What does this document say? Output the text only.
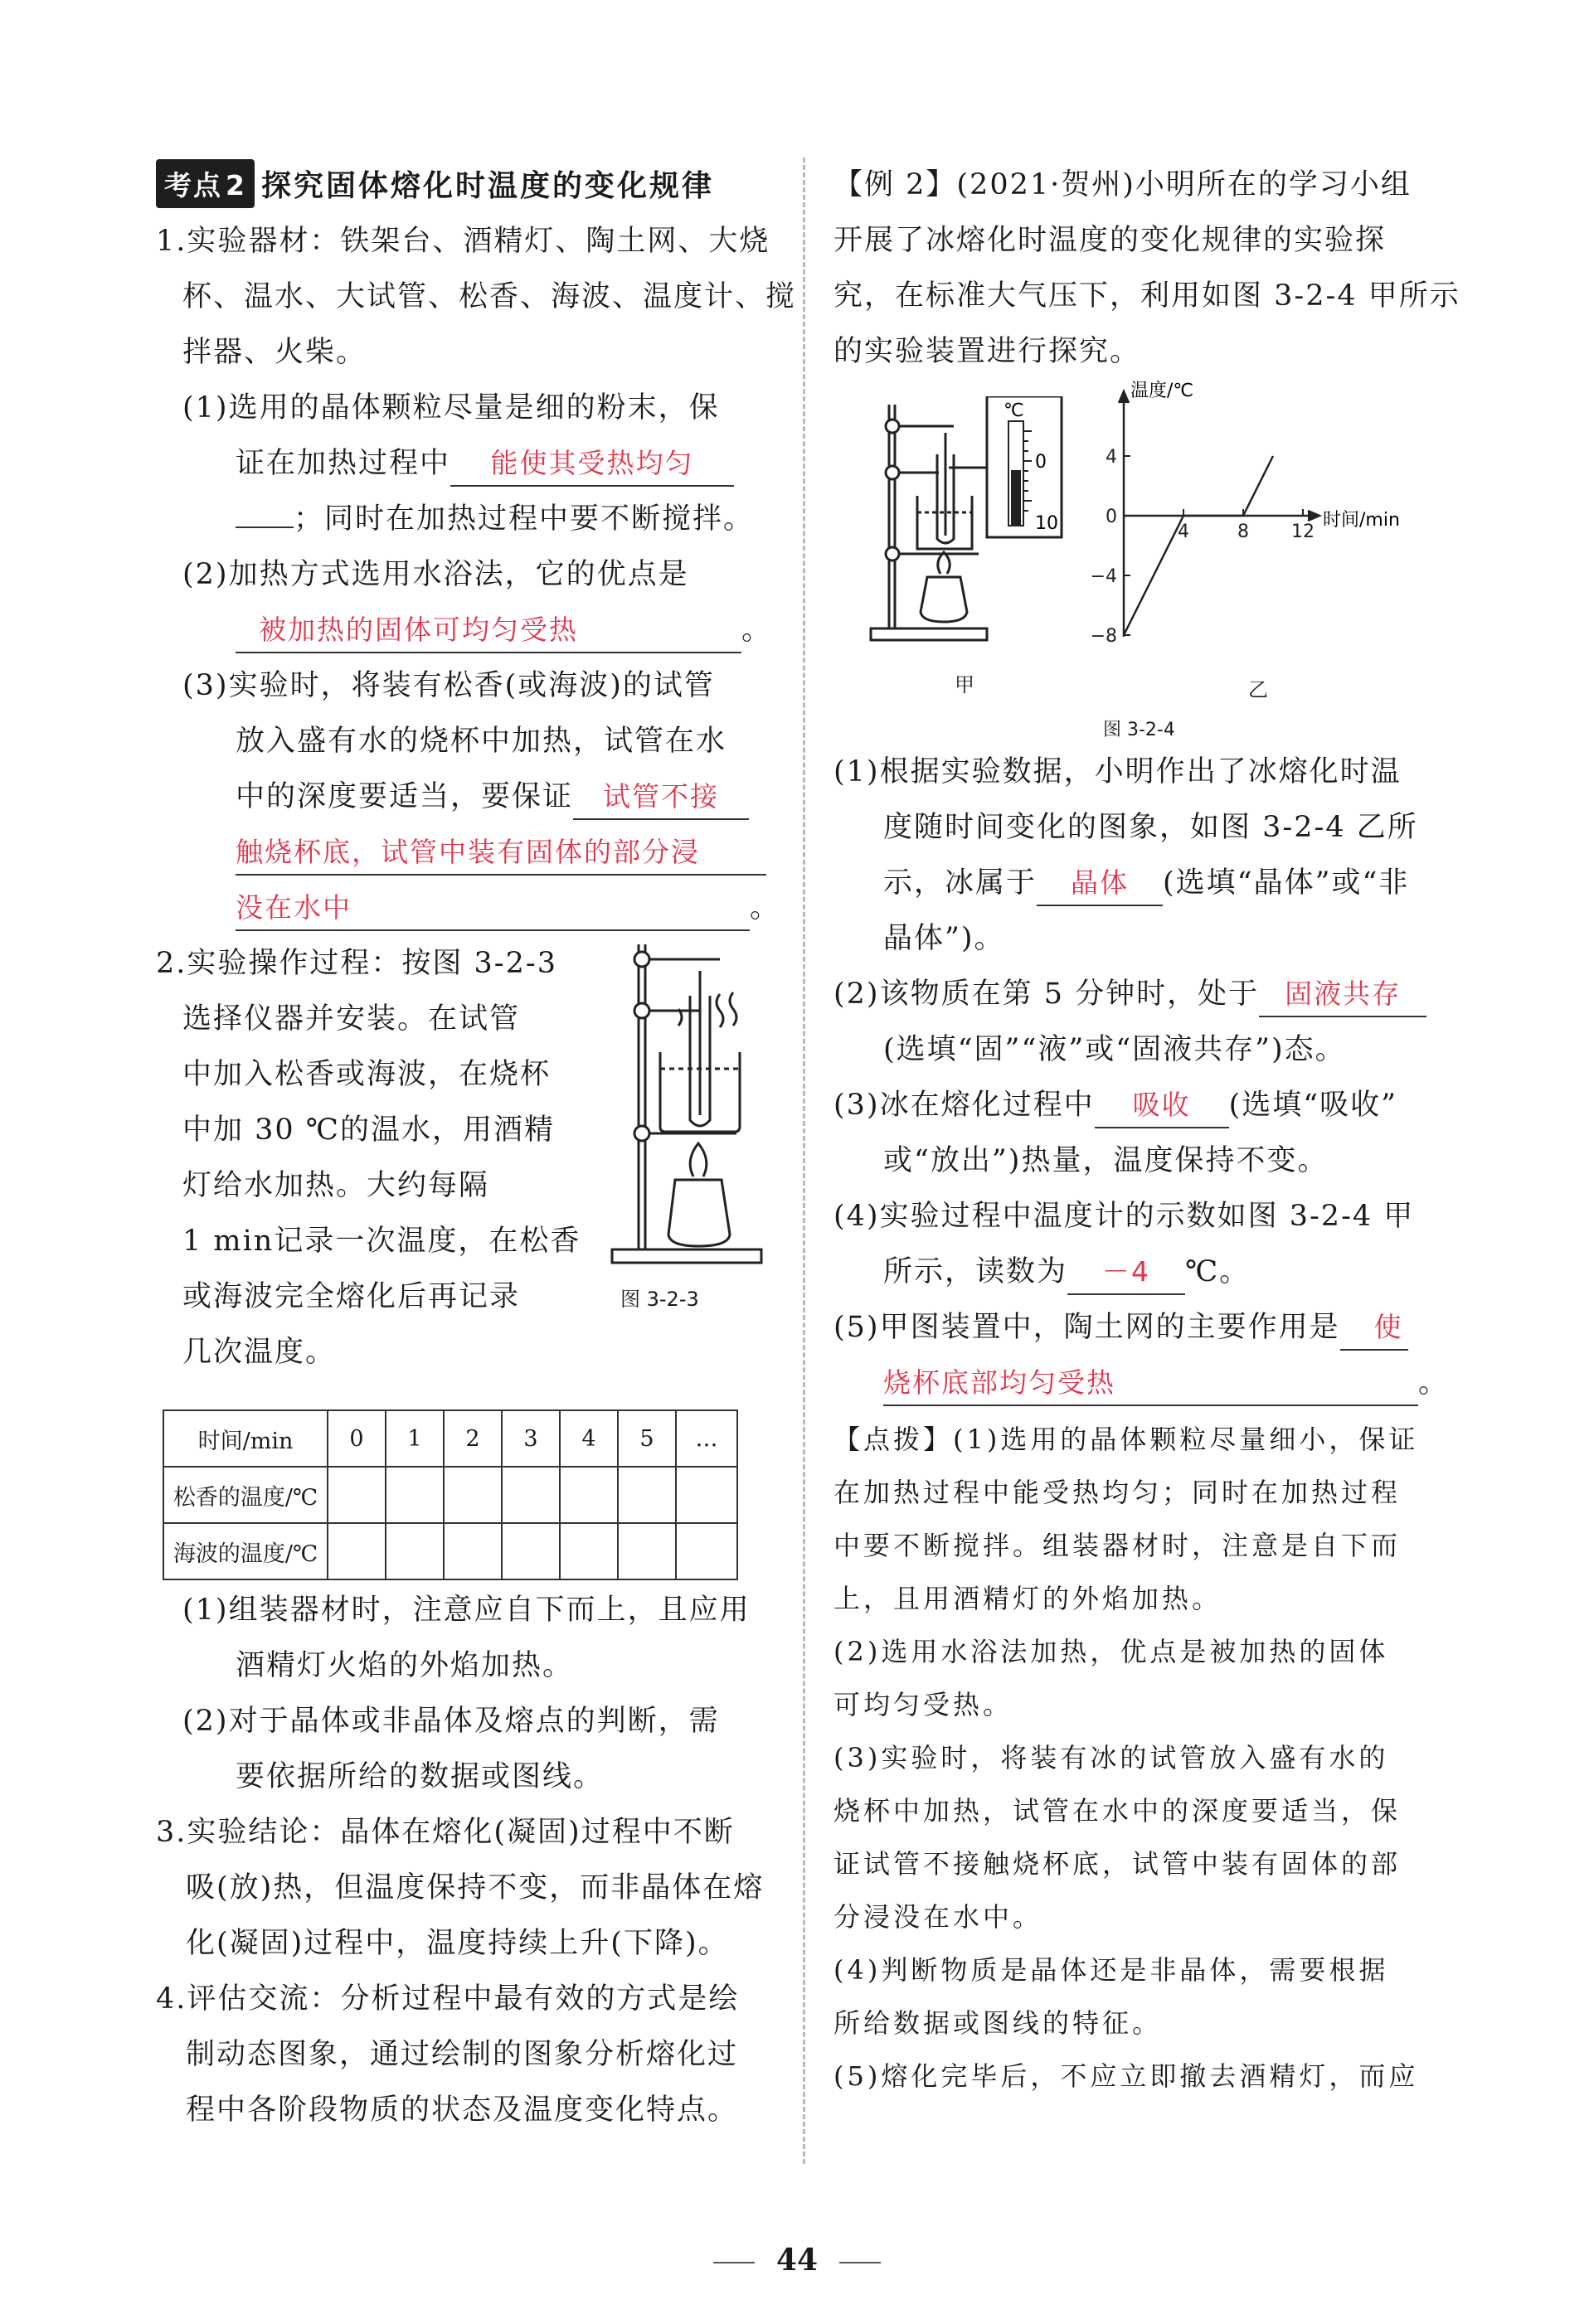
考点 2 探究固体熔化时温度的变化规律
1.实验器材：铁架台、酒精灯、陶土网、大烧
杯、温水、大试管、松香、海波、温度计、搅
拌器、火柴。
(1)选用的晶体颗粒尽量是细的粉末，保
证在加热过程中 能使其受热均匀
；同时在加热过程中要不断搅拌。
(2)加热方式选用水浴法，它的优点是
被加热的固体可均匀受热	。
(3)实验时，将装有松香(或海波)的试管
放入盛有水的烧杯中加热，试管在水
中的深度要适当，要保证 试管不接
触烧杯底，试管中装有固体的部分浸
没在水中	。
2.实验操作过程：按图 3-2-3
选择仪器并安装。在试管
中加入松香或海波，在烧杯
中加 30 ℃的温水，用酒精
灯给水加热。大约每隔
1 min记录一次温度，在松香
或海波完全熔化后再记录
几次温度。
图 3-2-3
(1)组装器材时，注意应自下而上，且应用
酒精灯火焰的外焰加热。
(2)对于晶体或非晶体及熔点的判断，需
要依据所给的数据或图线。
3.实验结论：晶体在熔化(凝固)过程中不断
吸(放)热，但温度保持不变，而非晶体在熔
化(凝固)过程中，温度持续上升(下降)。
4.评估交流：分析过程中最有效的方式是绘
制动态图象，通过绘制的图象分析熔化过
程中各阶段物质的状态及温度变化特点。
时间/min	0	1	2	3	4	5	…
松香的温度/℃							
海波的温度/℃							
【例 2】(2021·贺州)小明所在的学习小组
开展了冰熔化时温度的变化规律的实验探
究，在标准大气压下，利用如图 3-2-4 甲所示
的实验装置进行探究。
℃
0
10
甲
4
0
−4
−8
4	8 12
温度/℃
时间/min
乙
图 3-2-4
(1)根据实验数据，小明作出了冰熔化时温
度随时间变化的图象，如图 3-2-4 乙所
示，冰属于 晶体 (选填“晶体”或“非
晶体”)。
(2)该物质在第 5 分钟时，处于 固液共存
(选填“固”“液”或“固液共存”)态。
(3)冰在熔化过程中 吸收 (选填“吸收”
或“放出”)热量，温度保持不变。
(4)实验过程中温度计的示数如图 3-2-4 甲
所示，读数为 －4 ℃。
(5)甲图装置中，陶土网的主要作用是 使
烧杯底部均匀受热	。
【点拨】(1)选用的晶体颗粒尽量细小，保证
在加热过程中能受热均匀；同时在加热过程
中要不断搅拌。组装器材时，注意是自下而
上，且用酒精灯的外焰加热。
(2)选用水浴法加热，优点是被加热的固体
可均匀受热。
(3)实验时，将装有冰的试管放入盛有水的
烧杯中加热，试管在水中的深度要适当，保
证试管不接触烧杯底，试管中装有固体的部
分浸没在水中。
(4)判断物质是晶体还是非晶体，需要根据
所给数据或图线的特征。
(5)熔化完毕后，不应立即撤去酒精灯，而应
44
